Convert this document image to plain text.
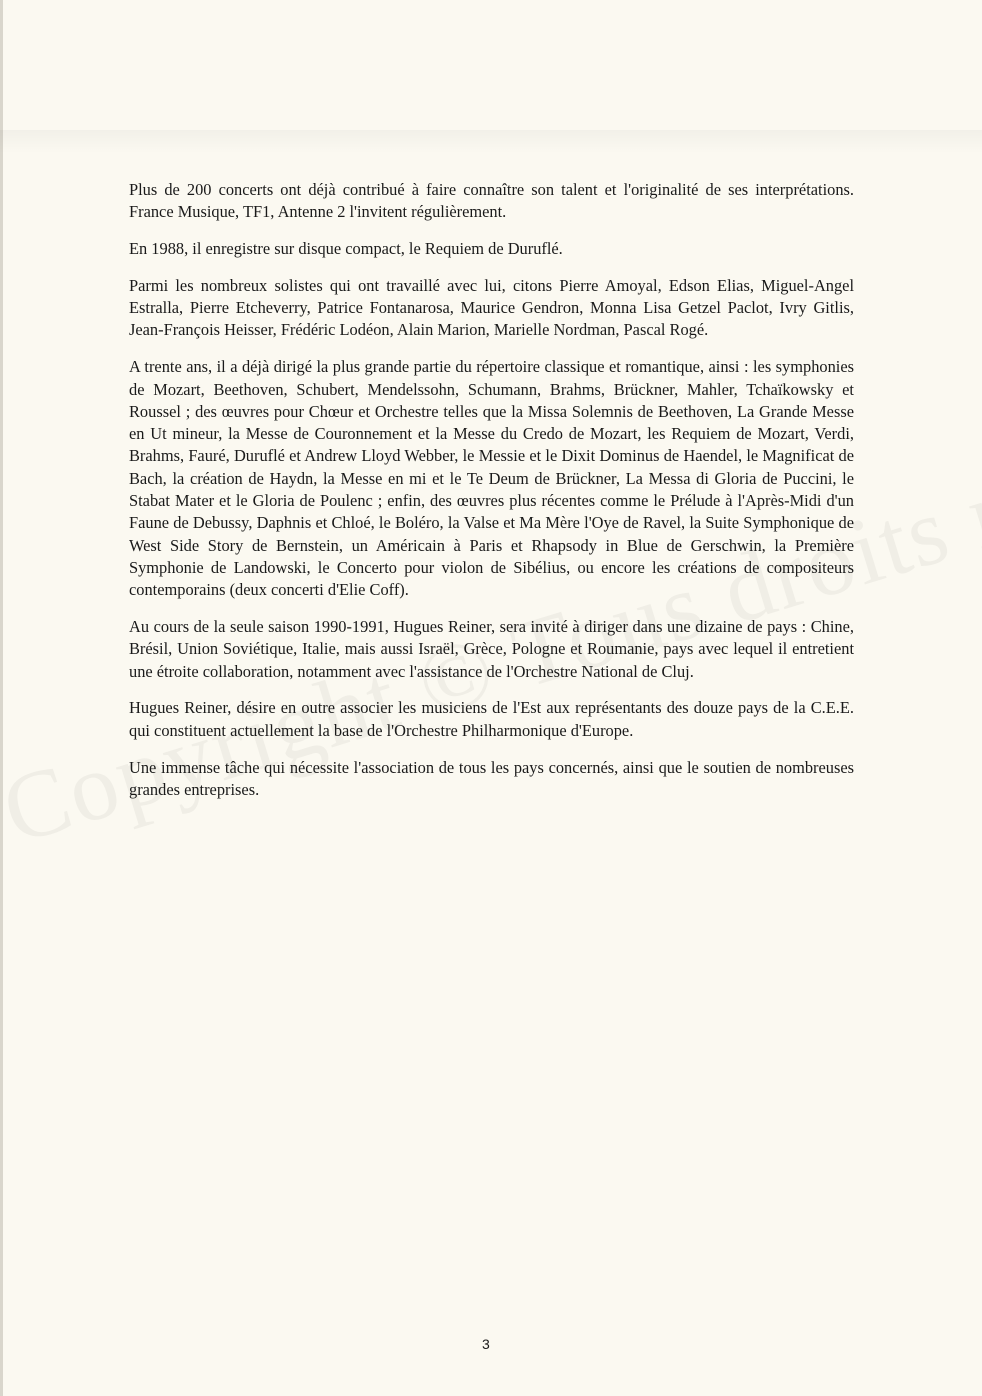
Plus de 200 concerts ont déjà contribué à faire connaître son talent et l'originalité de ses interprétations. France Musique, TF1, Antenne 2 l'invitent régulièrement.

En 1988, il enregistre sur disque compact, le Requiem de Duruflé.

Parmi les nombreux solistes qui ont travaillé avec lui, citons Pierre Amoyal, Edson Elias, Miguel-Angel Estralla, Pierre Etcheverry, Patrice Fontanarosa, Maurice Gendron, Monna Lisa Getzel Paclot, Ivry Gitlis, Jean-François Heisser, Frédéric Lodéon, Alain Marion, Marielle Nordman, Pascal Rogé.

A trente ans, il a déjà dirigé la plus grande partie du répertoire classique et romantique, ainsi : les symphonies de Mozart, Beethoven, Schubert, Mendelssohn, Schumann, Brahms, Brückner, Mahler, Tchaïkowsky et Roussel ; des œuvres pour Chœur et Orchestre telles que la Missa Solemnis de Beethoven, La Grande Messe en Ut mineur, la Messe de Couronnement et la Messe du Credo de Mozart, les Requiem de Mozart, Verdi, Brahms, Fauré, Duruflé et Andrew Lloyd Webber, le Messie et le Dixit Dominus de Haendel, le Magnificat de Bach, la création de Haydn, la Messe en mi et le Te Deum de Brückner, La Messa di Gloria de Puccini, le Stabat Mater et le Gloria de Poulenc ; enfin, des œuvres plus récentes comme le Prélude à l'Après-Midi d'un Faune de Debussy, Daphnis et Chloé, le Boléro, la Valse et Ma Mère l'Oye de Ravel, la Suite Symphonique de West Side Story de Bernstein, un Américain à Paris et Rhapsody in Blue de Gerschwin, la Première Symphonie de Landowski, le Concerto pour violon de Sibélius, ou encore les créations de compositeurs contemporains (deux concerti d'Elie Coff).

Au cours de la seule saison 1990-1991, Hugues Reiner, sera invité à diriger dans une dizaine de pays : Chine, Brésil, Union Soviétique, Italie, mais aussi Israël, Grèce, Pologne et Roumanie, pays avec lequel il entretient une étroite collaboration, notamment avec l'assistance de l'Orchestre National de Cluj.

Hugues Reiner, désire en outre associer les musiciens de l'Est aux représentants des douze pays de la C.E.E. qui constituent actuellement la base de l'Orchestre Philharmonique d'Europe.

Une immense tâche qui nécessite l'association de tous les pays concernés, ainsi que le soutien de nombreuses grandes entreprises.

3
